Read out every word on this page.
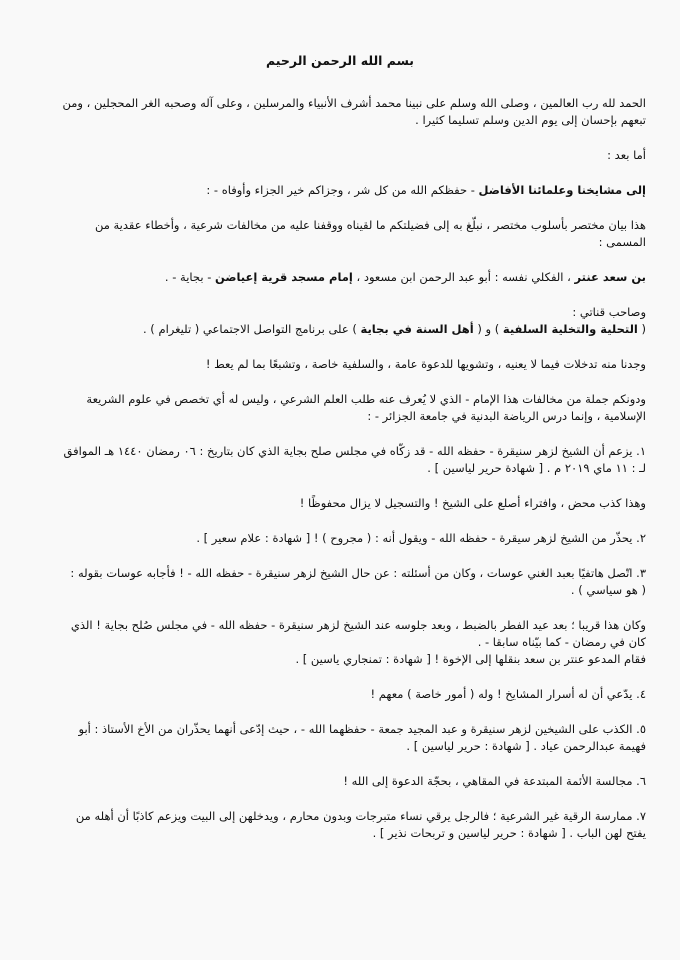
بسم الله الرحمن الرحيم

الحمد لله رب العالمين ، وصلى الله وسلم على نبينا محمد أشرف الأنبياء والمرسلين ، وعلى آله وصحبه الغر المحجلين ، ومن

تبعهم بإحسان إلى يوم الدين وسلم تسليما كثيرا .

أما بعد :

إلى مشايخنا وعلمائنا الأفاضل - حفظكم الله من كل شر ، وجزاكم خير الجزاء وأوفاه - :

هذا بيان مختصر بأسلوب مختصر ، نبلّغ به إلى فضيلتكم ما لقيناه ووقفنا عليه من مخالفات شرعية ، وأخطاء عقدية من

المسمى :

بن سعد عنتر ، الفكلي نفسه : أبو عبد الرحمن ابن مسعود ، إمام مسجد قرية إعياضن - بجاية - .

وصاحب قناتي :

( التحلية والتخلية السلفية ) و ( أهل السنة في بجاية ) على برنامج التواصل الاجتماعي ( تليغرام ) .

وجدنا منه تدخلات فيما لا يعنيه ، وتشويها للدعوة عامة ، والسلفية خاصة ، وتشبعًا بما لم يعط !

ودونكم جملة من مخالفات هذا الإمام - الذي لا يُعرف عنه طلب العلم الشرعي ، وليس له أي تخصص في علوم الشريعة

الإسلامية ، وإنما درس الرياضة البدنية في جامعة الجزائر - :

١. يزعم أن الشيخ لزهر سنيقرة - حفظه الله - قد زكّاه في مجلس صلح بجاية الذي كان بتاريخ : ٠٦ رمضان ١٤٤٠ هـ الموافق

لـ : ١١ ماي ٢٠١٩ م . [ شهادة حرير لياسين ] .

وهذا كذب محض ، وافتراء أصلع على الشيخ ! والتسجيل لا يزال محفوظًا !

٢. يحذّر من الشيخ لزهر سيقرة - حفظه الله - ويقول أنه : ( مجروح ) ! [ شهادة : علام سعير ] .

٣. اتّصل هاتفيًا بعبد الغني عوسات ، وكان من أسئلته : عن حال الشيخ لزهر سنيقرة - حفظه الله - ! فأجابه عوسات بقوله :

( هو سياسي ) .

وكان هذا قريبا ؛ بعد عيد الفطر بالضبط ، وبعد جلوسه عند الشيخ لزهر سنيقرة - حفظه الله - في مجلس صُلح بجاية ! الذي

كان في رمضان - كما بيّناه سابقا - .

فقام المدعو عنتر بن سعد بنقلها إلى الإخوة ! [ شهادة : تمنجاري ياسين ] .

٤. يدّعي أن له أسرار المشايخ ! وله ( أمور خاصة ) معهم !

٥. الكذب على الشيخين لزهر سنيقرة و عبد المجيد جمعة - حفظهما الله - ، حيث إدّعى أنهما يحذّران من الأخ الأستاذ : أبو

فهيمة عبدالرحمن عياد . [ شهادة : حرير لياسين ] .

٦. مجالسة الأئمة المبتدعة في المقاهي ، بحجّة الدعوة إلى الله !

٧. ممارسة الرقية غير الشرعية ؛ فالرجل يرقي نساء متبرجات وبدون محارم ، ويدخلهن إلى البيت ويزعم كاذبًا أن أهله من

يفتح لهن الباب . [ شهادة : حرير لياسين و تربحات نذير ] .
